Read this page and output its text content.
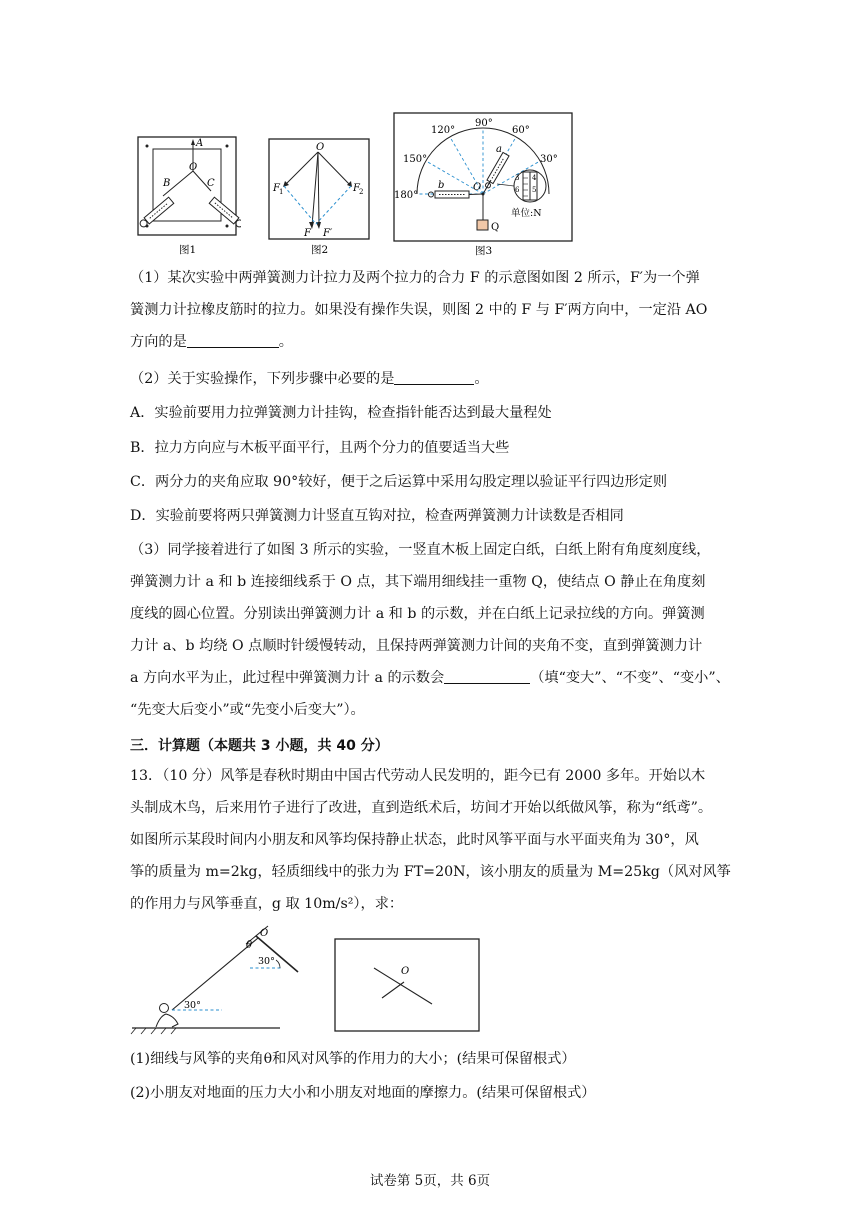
A
O
B	C
图1
O
F 1	F 2
F F′
图2
3 4
5
6
90°
120°	60°
150°	30°
180°
a
b	O
Q
单位:N
图3
（1）某次实验中两弹簧测力计拉力及两个拉力的合力 F 的示意图如图 2 所示，F′为一个弹
簧测力计拉橡皮筋时的拉力。如果没有操作失误，则图 2 中的 F 与 F′两方向中，一定沿 AO
方向的是	。
（2）关于实验操作，下列步骤中必要的是	。
A．实验前要用力拉弹簧测力计挂钩，检查指针能否达到最大量程处
B．拉力方向应与木板平面平行，且两个分力的值要适当大些
C．两分力的夹角应取 90°较好，便于之后运算中采用勾股定理以验证平行四边形定则
D．实验前要将两只弹簧测力计竖直互钩对拉，检查两弹簧测力计读数是否相同
（3）同学接着进行了如图 3 所示的实验，一竖直木板上固定白纸，白纸上附有角度刻度线，
弹簧测力计 a 和 b 连接细线系于 O 点，其下端用细线挂一重物 Q，使结点 O 静止在角度刻
度线的圆心位置。分别读出弹簧测力计 a 和 b 的示数，并在白纸上记录拉线的方向。弹簧测
力计 a、b 均绕 O 点顺时针缓慢转动，且保持两弹簧测力计间的夹角不变，直到弹簧测力计
a 方向水平为止，此过程中弹簧测力计 a 的示数会	（填“变大”、“不变”、“变小”、
“先变大后变小”或“先变小后变大”）。
三．计算题（本题共 3 小题，共 40 分）
13．（10 分）风筝是春秋时期由中国古代劳动人民发明的，距今已有 2000 多年。开始以木
头制成木鸟，后来用竹子进行了改进，直到造纸术后，坊间才开始以纸做风筝，称为“纸鸢”。
如图所示某段时间内小朋友和风筝均保持静止状态，此时风筝平面与水平面夹角为 30°，风
筝的质量为 m=2kg，轻质细线中的张力为 FT=20N，该小朋友的质量为 M=25kg（风对风筝
的作用力与风筝垂直，g 取 10m/s²），求：
O
θ
30°
30°
O
(1)细线与风筝的夹角θ和风对风筝的作用力的大小；(结果可保留根式）
(2)小朋友对地面的压力大小和小朋友对地面的摩擦力。(结果可保留根式）
试卷第 5页，共 6页
